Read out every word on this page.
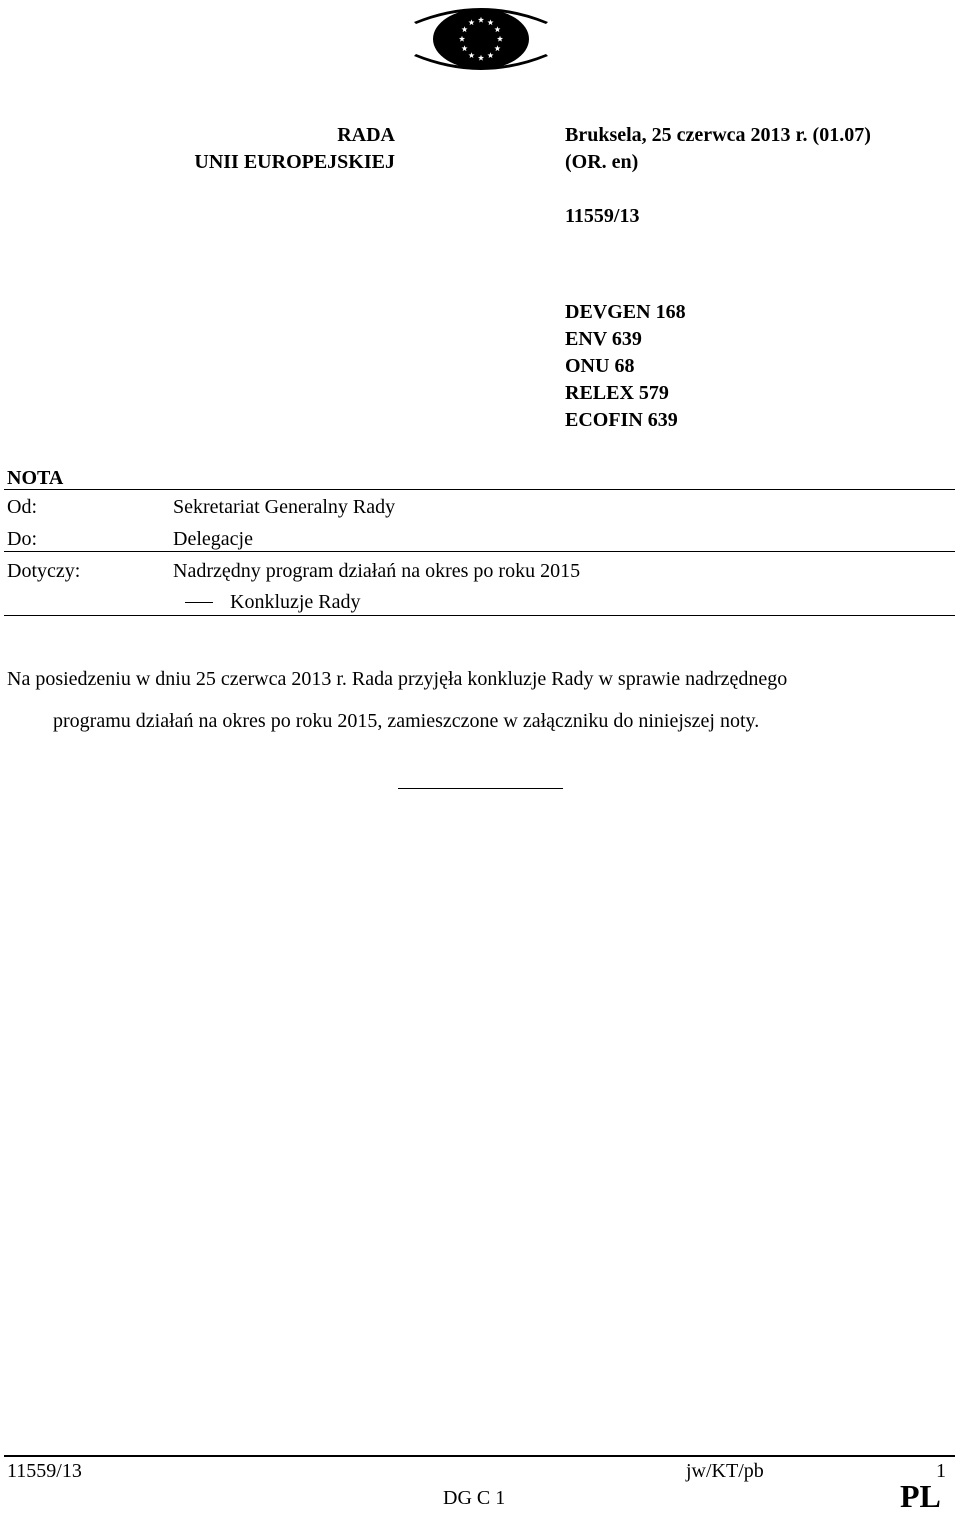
RADA
UNII EUROPEJSKIEJ
Bruksela, 25 czerwca 2013 r. (01.07)
(OR. en)
11559/13
DEVGEN 168
ENV 639
ONU 68
RELEX 579
ECOFIN 639
NOTA
Od:	Sekretariat Generalny Rady
Do:	Delegacje
Dotyczy:	Nadrzędny program działań na okres po roku 2015
Konkluzje Rady
Na posiedzeniu w dniu 25 czerwca 2013 r. Rada przyjęła konkluzje Rady w sprawie nadrzędnego
programu działań na okres po roku 2015, zamieszczone w załączniku do niniejszej noty.
11559/13	jw/KT/pb	1
DG C 1	PL
